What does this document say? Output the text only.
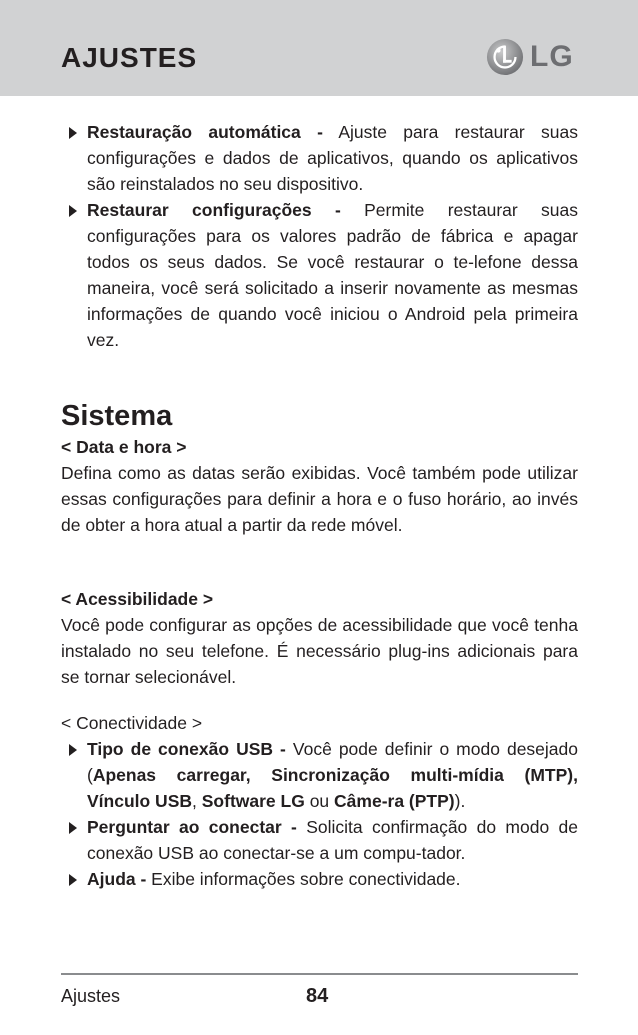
AJUSTES	LG

Restauração automática - Ajuste para restaurar suas configurações e dados de aplicativos, quando os aplicativos são reinstalados no seu dispositivo.

Restaurar configurações - Permite restaurar suas configurações para os valores padrão de fábrica e apagar todos os seus dados. Se você restaurar o te-lefone dessa maneira, você será solicitado a inserir novamente as mesmas informações de quando você iniciou o Android pela primeira vez.

Sistema
< Data e hora >
Defina como as datas serão exibidas. Você também pode utilizar essas configurações para definir a hora e o fuso horário, ao invés de obter a hora atual a partir da rede móvel.
< Acessibilidade >
Você pode configurar as opções de acessibilidade que você tenha instalado no seu telefone. É necessário plug-ins adicionais para se tornar selecionável.
< Conectividade >

Tipo de conexão USB - Você pode definir o modo desejado (Apenas carregar, Sincronização multi-mídia (MTP), Vínculo USB, Software LG ou Câme-ra (PTP)).

Perguntar ao conectar - Solicita confirmação do modo de conexão USB ao conectar-se a um compu-tador.

Ajuda - Exibe informações sobre conectividade.

Ajustes	84
